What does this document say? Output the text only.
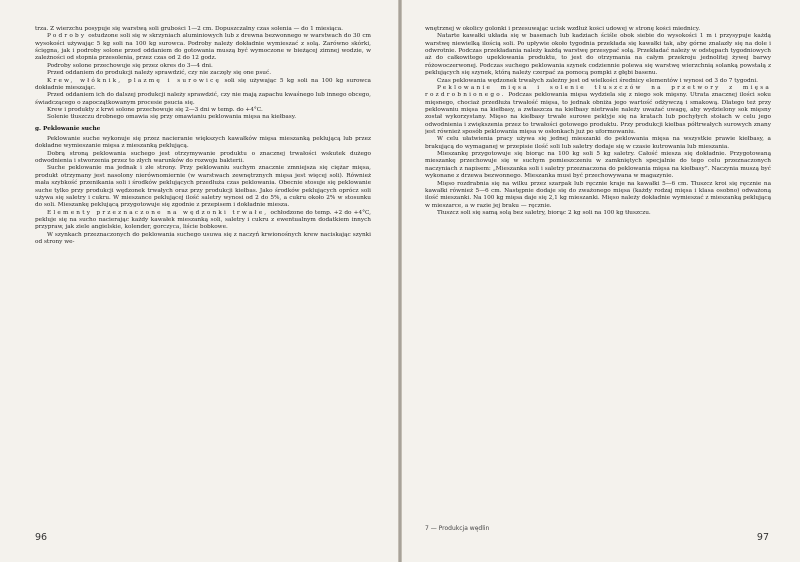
trza. Z wierzchu posypuje się warstwą soli grubości 1—2 cm. Dopuszczalny czas solenia — do 1 miesiąca.

Podroby ostudzone soli się w skrzyniach aluminiowych lub z drewna bezwonnego w warstwach do 30 cm wysokości używając 5 kg soli na 100 kg surowca. Podroby należy dokładnie wymieszać z solą. Zarówno skórki, ścięgna, jak i podroby solone przed oddaniem do gotowania muszą być wymoczone w bieżącej zimnej wodzie, w zależności od stopnia przesolenia, przez czas od 2 do 12 godz.

Podroby solone przechowuje się przez okres do 3—4 dni.

Przed oddaniem do produkcji należy sprawdzić, czy nie zaczęły się one psuć.

Krew, włóknik, plazmę i surowicę soli się używając 5 kg soli na 100 kg surowca dokładnie mieszając.

Przed oddaniem ich do dalszej produkcji należy sprawdzić, czy nie mają zapachu kwaśnego lub innego obcego, świadczącego o zapoczątkowanym procesie psucia się.

Krew i produkty z krwi solone przechowuje się 2—3 dni w temp. do +4°C.

Solenie tłuszczu drobnego omawia się przy omawianiu peklowania mięsa na kiełbasy.

g. Peklowanie suche

Peklowanie suche wykonuje się przez nacieranie większych kawałków mięsa mieszanką peklującą lub przez dokładne wymieszanie mięsa z mieszanką peklującą.

Dobrą stroną peklowania suchego jest otrzymywanie produktu o znacznej trwałości wskutek dużego odwodnienia i stworzenia przez to złych warunków do rozwoju bakterii.

Suche peklowanie ma jednak i złe strony. Przy peklowaniu suchym znacznie zmniejsza się ciężar mięsa, produkt otrzymany jest nasolony nierównomiernie (w warstwach zewnętrznych mięsa jest więcej soli). Również mała szybkość przenikania soli i środków peklujących przedłuża czas peklowania. Obecnie stosuje się peklowanie suche tylko przy produkcji wędzonek trwałych oraz przy produkcji kiełbas. Jako środków peklujących oprócz soli używa się saletry i cukru. W mieszance peklującej ilość saletry wynosi od 2 do 5%, a cukru około 2% w stosunku do soli. Mieszankę peklującą przygotowuje się zgodnie z przepisem i dokładnie miesza.

Elementy przeznaczone na wędzonki trwałe, ochłodzone do temp. +2 do +4°C, pekluje się na sucho nacierając każdy kawałek mieszanką soli, saletry i cukru z ewentualnym dodatkiem innych przypraw, jak ziele angielskie, kolender, gorczyca, liście bobkowe.

W szynkach przeznaczonych do peklowania suchego usuwa się z naczyń krwionośnych krew naciskając szynki od strony we-

96

wnętrznej w okolicy golonki i przesuwając ucisk wzdłuż kości udowej w stronę kości miednicy.

Natarte kawałki układa się w basenach lub kadziach ściśle obok siebie do wysokości 1 m i przysypuje każdą warstwę niewielką ilością soli. Po upływie około tygodnia przekłada się kawałki tak, aby górne znalazły się na dole i odwrotnie. Podczas przekładania należy każdą warstwę przesypać solą. Przekładać należy w odstępach tygodniowych aż do całkowitego upeklowania produktu, to jest do otrzymania na całym przekroju jednolitej żywej barwy różowoczerwonej. Podczas suchego peklowania szynek codziennie polewa się warstwę wierzchnią solanką powstałą z peklujących się szynek, którą należy czerpać za pomocą pompki z głębi basenu.

Czas peklowania wędzonek trwałych zależny jest od wielkości średnicy elementów i wynosi od 3 do 7 tygodni.

Peklowanie mięsa i solenie tłuszczów na przetwory z mięsa rozdrobnionego. Podczas peklowania mięsa wydziela się z niego sok mięsny. Utrata znacznej ilości soku mięsnego, chociaż przedłuża trwałość mięsa, to jednak obniża jego wartość odżywczą i smakową. Dlatego też przy peklowaniu mięsa na kiełbasy, a zwłaszcza na kiełbasy nietrwałe należy uważać uwagę, aby wydzielony sok mięsny został wykorzystany. Mięso na kiełbasy trwałe surowe peklује się na kratach lub pochyłych stołach w celu jego odwodnienia i zwiększenia przez to trwałości gotowego produktu. Przy produkcji kiełbas półtrwałych surowych znany jest również sposób peklowania mięsa w osłonkach już po uformowaniu.

W celu ułatwienia pracy używa się jednej mieszanki do peklowania mięsa na wszystkie prawie kiełbasy, a brakującą do wymaganej w przepisie ilość soli lub saletry dodaje się w czasie kutrowania lub mieszania.

Mieszankę przygotowuje się biorąc na 100 kg soli 5 kg saletry. Całość miesza się dokładnie. Przygotowaną mieszankę przechowuje się w suchym pomieszczeniu w zamkniętych specjalnie do tego celu przeznaczonych naczyniach z napisem: „Mieszanka soli i saletry przeznaczona do peklowania mięsa na kiełbasy”. Naczynia muszą być wykonane z drzewa bezwonnego. Mieszanka musi być przechowywana w magazynie.

Mięso rozdrabnia się na wilku przez szarpak lub ręcznie kraje na kawałki 5—6 cm. Tłuszcz kroi się ręcznie na kawałki również 5—6 cm. Następnie dodaje się do zważonego mięsa (każdy rodzaj mięsa i klasa osobno) odważoną ilość mieszanki. Na 100 kg mięsa daje się 2,1 kg mieszanki. Mięso należy dokładnie wymieszać z mieszanką peklującą w mieszarce, a w razie jej braku — ręcznie.

Tłuszcz soli się samą solą bez saletry, biorąc 2 kg soli na 100 kg tłuszczu.

7 — Produkcja wędlin
97
